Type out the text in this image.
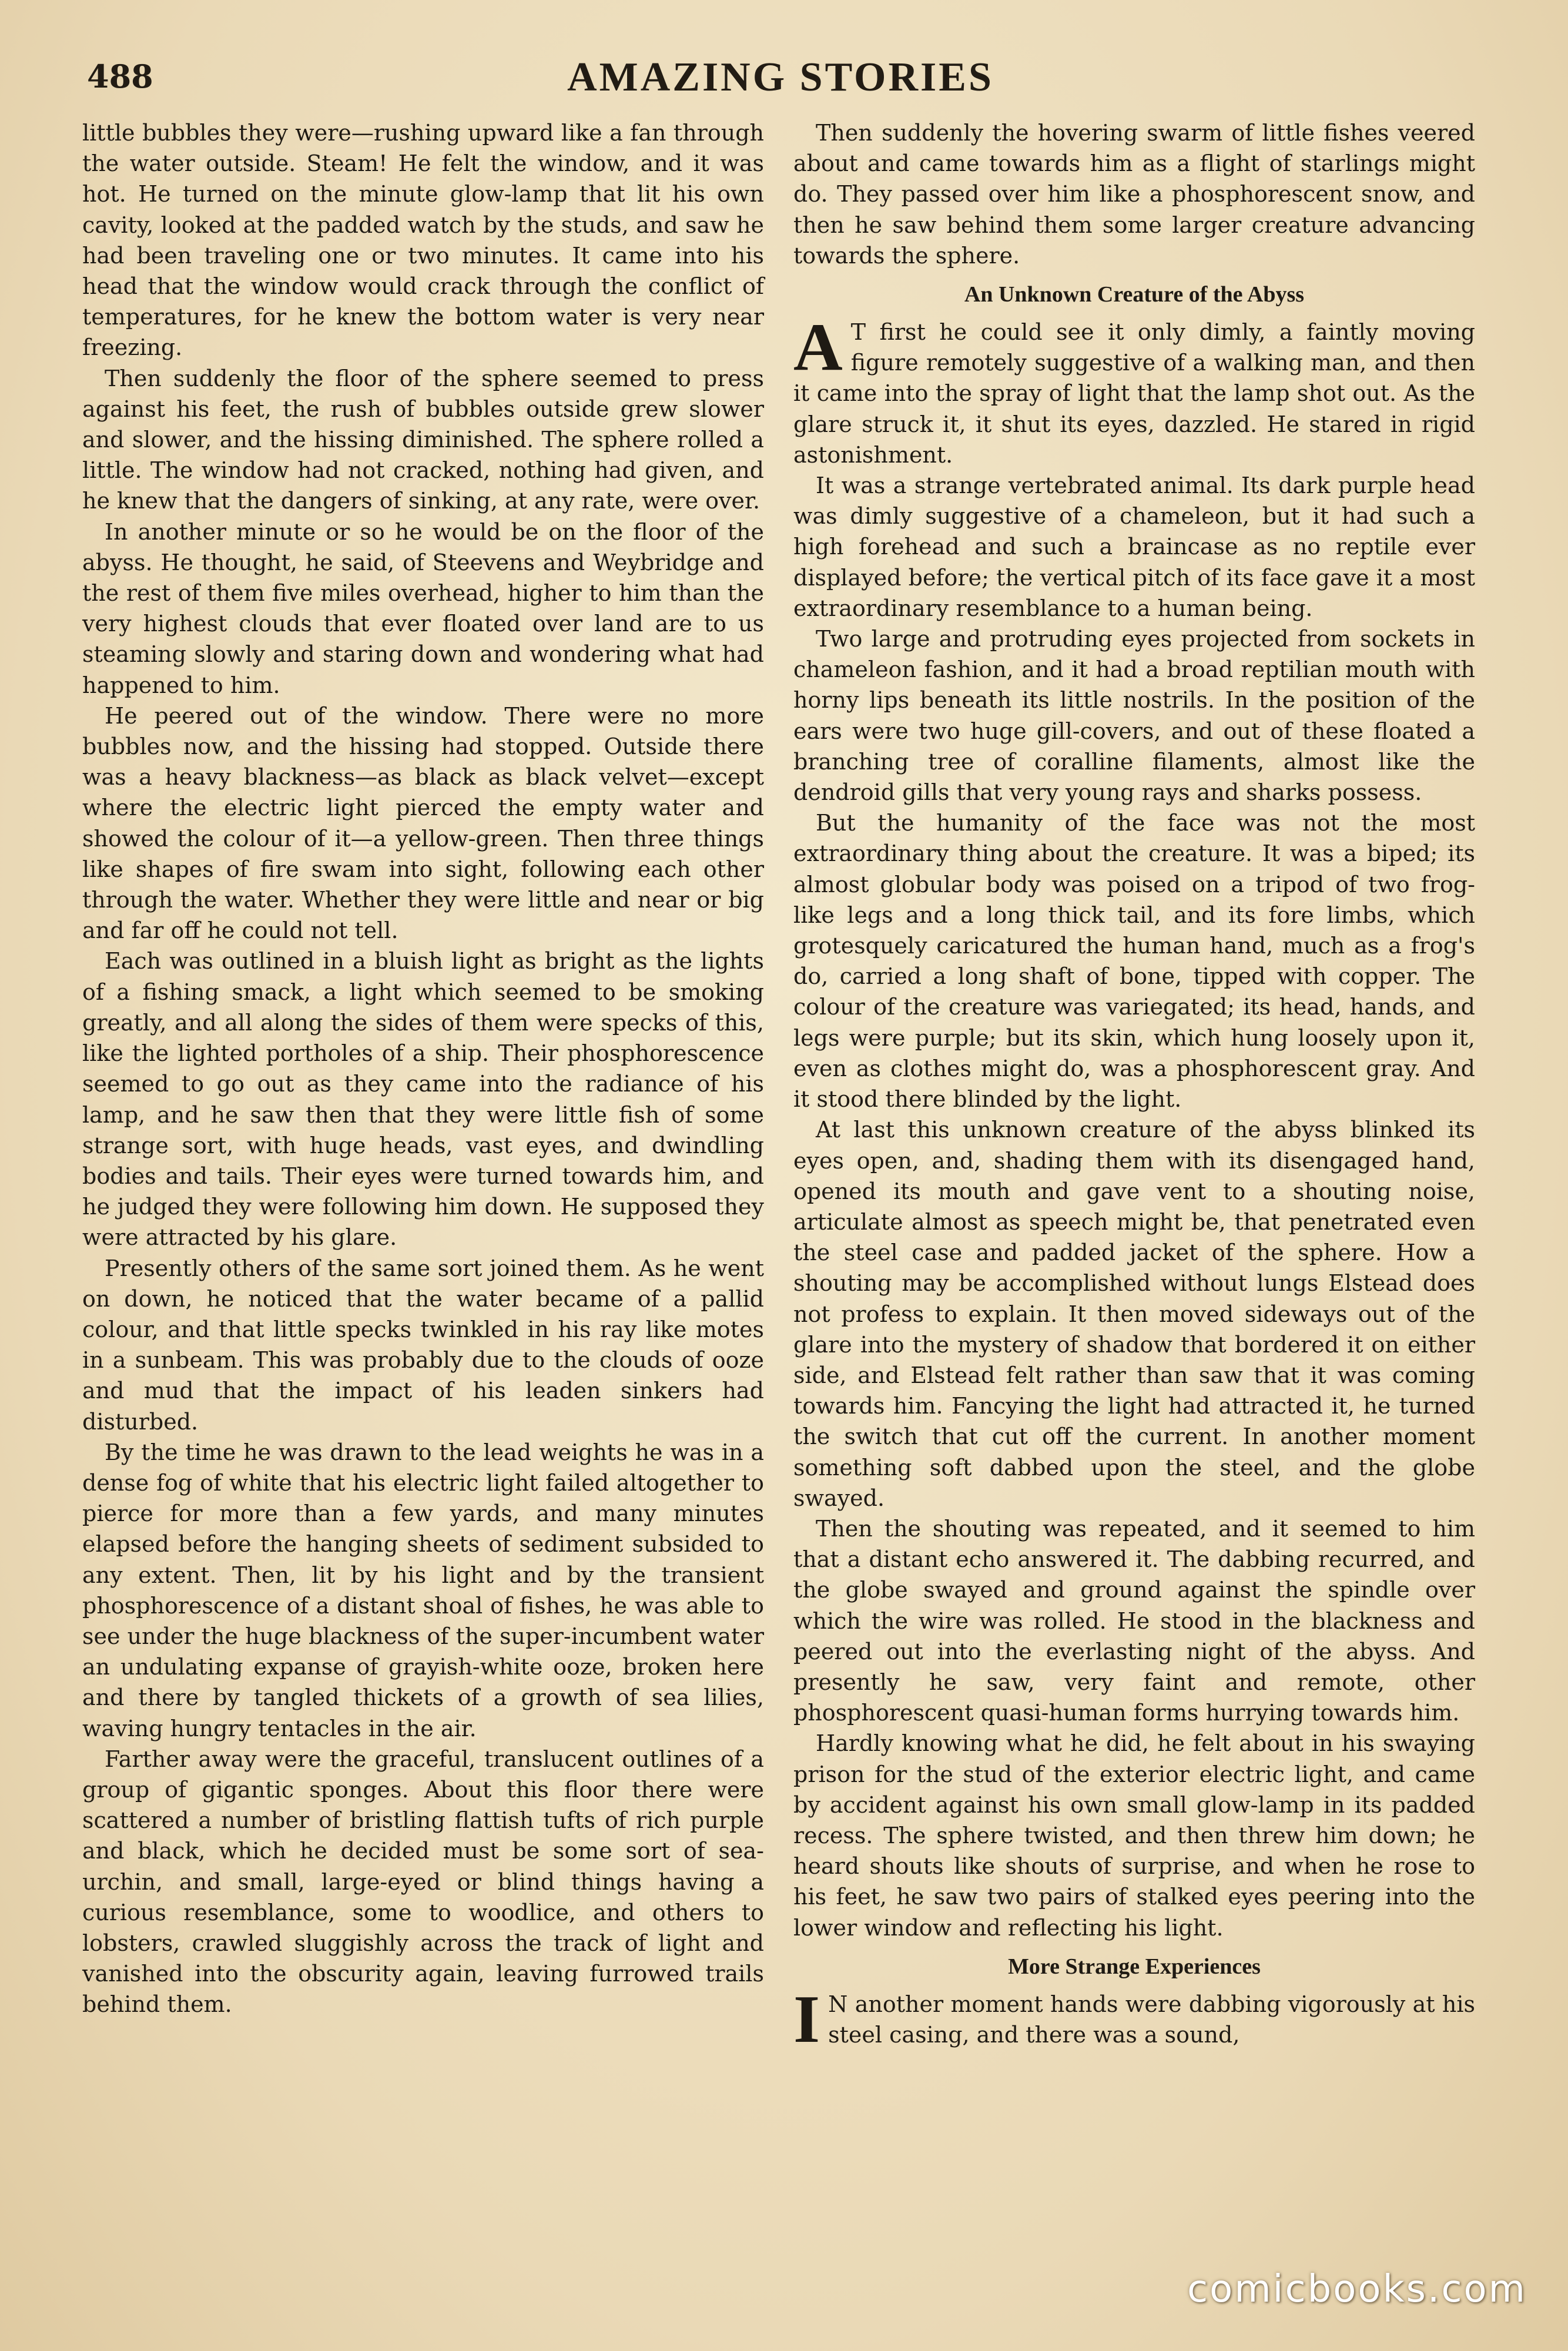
488	AMAZING STORIES

little bubbles they were—rushing upward like a fan through the water outside. Steam! He felt the window, and it was hot. He turned on the minute glow-lamp that lit his own cavity, looked at the padded watch by the studs, and saw he had been traveling one or two minutes. It came into his head that the window would crack through the conflict of temperatures, for he knew the bottom water is very near freezing.

Then suddenly the floor of the sphere seemed to press against his feet, the rush of bubbles outside grew slower and slower, and the hissing diminished. The sphere rolled a little. The window had not cracked, nothing had given, and he knew that the dangers of sinking, at any rate, were over.

In another minute or so he would be on the floor of the abyss. He thought, he said, of Steevens and Weybridge and the rest of them five miles overhead, higher to him than the very highest clouds that ever floated over land are to us steaming slowly and staring down and wondering what had happened to him.

He peered out of the window. There were no more bubbles now, and the hissing had stopped. Outside there was a heavy blackness—as black as black velvet—except where the electric light pierced the empty water and showed the colour of it—a yellow-green. Then three things like shapes of fire swam into sight, following each other through the water. Whether they were little and near or big and far off he could not tell.

Each was outlined in a bluish light as bright as the lights of a fishing smack, a light which seemed to be smoking greatly, and all along the sides of them were specks of this, like the lighted portholes of a ship. Their phosphorescence seemed to go out as they came into the radiance of his lamp, and he saw then that they were little fish of some strange sort, with huge heads, vast eyes, and dwindling bodies and tails. Their eyes were turned towards him, and he judged they were following him down. He supposed they were attracted by his glare.

Presently others of the same sort joined them. As he went on down, he noticed that the water became of a pallid colour, and that little specks twinkled in his ray like motes in a sunbeam. This was probably due to the clouds of ooze and mud that the impact of his leaden sinkers had disturbed.

By the time he was drawn to the lead weights he was in a dense fog of white that his electric light failed altogether to pierce for more than a few yards, and many minutes elapsed before the hanging sheets of sediment subsided to any extent. Then, lit by his light and by the transient phosphorescence of a distant shoal of fishes, he was able to see under the huge blackness of the super-incumbent water an undulating expanse of grayish-white ooze, broken here and there by tangled thickets of a growth of sea lilies, waving hungry tentacles in the air.

Farther away were the graceful, translucent outlines of a group of gigantic sponges. About this floor there were scattered a number of bristling flattish tufts of rich purple and black, which he decided must be some sort of sea-urchin, and small, large-eyed or blind things having a curious resemblance, some to woodlice, and others to lobsters, crawled sluggishly across the track of light and vanished into the obscurity again, leaving furrowed trails behind them.

Then suddenly the hovering swarm of little fishes veered about and came towards him as a flight of starlings might do. They passed over him like a phosphorescent snow, and then he saw behind them some larger creature advancing towards the sphere.

An Unknown Creature of the Abyss

A T first he could see it only dimly, a faintly moving figure remotely suggestive of a walking man, and then it came into the spray of light that the lamp shot out. As the glare struck it, it shut its eyes, dazzled. He stared in rigid astonishment.

It was a strange vertebrated animal. Its dark purple head was dimly suggestive of a chameleon, but it had such a high forehead and such a braincase as no reptile ever displayed before; the vertical pitch of its face gave it a most extraordinary resemblance to a human being.

Two large and protruding eyes projected from sockets in chameleon fashion, and it had a broad reptilian mouth with horny lips beneath its little nostrils. In the position of the ears were two huge gill-covers, and out of these floated a branching tree of coralline filaments, almost like the dendroid gills that very young rays and sharks possess.

But the humanity of the face was not the most extraordinary thing about the creature. It was a biped; its almost globular body was poised on a tripod of two frog-like legs and a long thick tail, and its fore limbs, which grotesquely caricatured the human hand, much as a frog's do, carried a long shaft of bone, tipped with copper. The colour of the creature was variegated; its head, hands, and legs were purple; but its skin, which hung loosely upon it, even as clothes might do, was a phosphorescent gray. And it stood there blinded by the light.

At last this unknown creature of the abyss blinked its eyes open, and, shading them with its disengaged hand, opened its mouth and gave vent to a shouting noise, articulate almost as speech might be, that penetrated even the steel case and padded jacket of the sphere. How a shouting may be accomplished without lungs Elstead does not profess to explain. It then moved sideways out of the glare into the mystery of shadow that bordered it on either side, and Elstead felt rather than saw that it was coming towards him. Fancying the light had attracted it, he turned the switch that cut off the current. In another moment something soft dabbed upon the steel, and the globe swayed.

Then the shouting was repeated, and it seemed to him that a distant echo answered it. The dabbing recurred, and the globe swayed and ground against the spindle over which the wire was rolled. He stood in the blackness and peered out into the everlasting night of the abyss. And presently he saw, very faint and remote, other phosphorescent quasi-human forms hurrying towards him.

Hardly knowing what he did, he felt about in his swaying prison for the stud of the exterior electric light, and came by accident against his own small glow-lamp in its padded recess. The sphere twisted, and then threw him down; he heard shouts like shouts of surprise, and when he rose to his feet, he saw two pairs of stalked eyes peering into the lower window and reflecting his light.

More Strange Experiences

I N another moment hands were dabbing vigorously at his steel casing, and there was a sound,

comicbooks.com
